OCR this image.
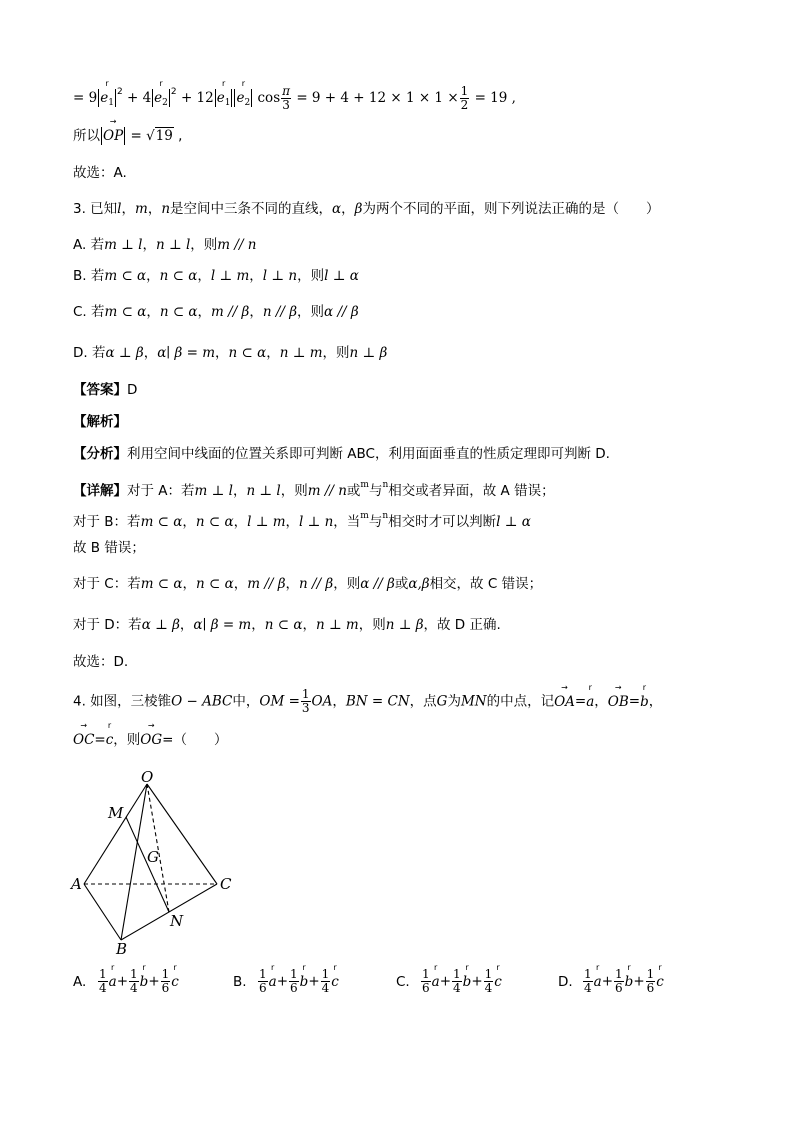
= 9
r
$e_1^2 + 4$
r
$e_2^2 + 12$
r
$e_1$
r
$e_2$ $\cos \frac{\pi}{3} = 9 + 4 + 12 \times 1 \times 1 \times \frac{1}{2} = 19$ ,
所以
→
OP = √19 ,
故选：A.
3. 已知l，m，n是空间中三条不同的直线，α，β为两个不同的平面，则下列说法正确的是（　　）
A. 若m ⊥ l，n ⊥ l，则m // n
B. 若m ⊂ α，n ⊂ α，l ⊥ m，l ⊥ n，则l ⊥ α
C. 若m ⊂ α，n ⊂ α，m // β，n // β，则α // β
D. 若α ⊥ β，α∣ β = m，n ⊂ α，n ⊥ m，则n ⊥ β
【答案】D
【解析】
【分析】利用空间中线面的位置关系即可判断 ABC，利用面面垂直的性质定理即可判断 D.
【详解】对于 A：若m ⊥ l，n ⊥ l，则m // n或$^m$与$^n$相交或者异面，故 A 错误；
对于 B：若m ⊂ α，n ⊂ α，l ⊥ m，l ⊥ n，当$^m$与$^n$相交时才可以判断l ⊥ α
故 B 错误；
对于 C：若m ⊂ α，n ⊂ α，m // β，n // β，则α // β或α,β相交，故 C 错误；
对于 D：若α ⊥ β，α∣ β = m，n ⊂ α，n ⊥ m，则n ⊥ β，故 D 正确.
故选：D.
4. 如图，三棱锥O − ABC中，OM = $\frac{1}{3}$ OA，BN = CN，点G为MN的中点，记
→
OA=
r
a，
→
OB=
r
b，
→
OC=
r
c，则
→
OG=（　　）
O
M
G
A	C
N
B
A. $\frac{1}{4}$
r
$a+ \frac{1}{4}$
r
$b+ \frac{1}{6}$
r
c	B. $\frac{1}{6}$
r
$a+ \frac{1}{6}$
r
$b+ \frac{1}{4}$
r
c	C. $\frac{1}{6}$
r
$a+ \frac{1}{4}$
r
$b+ \frac{1}{4}$
r
c	D. $\frac{1}{4}$
r
$a+ \frac{1}{6}$
r
$b+ \frac{1}{6}$
r
c
